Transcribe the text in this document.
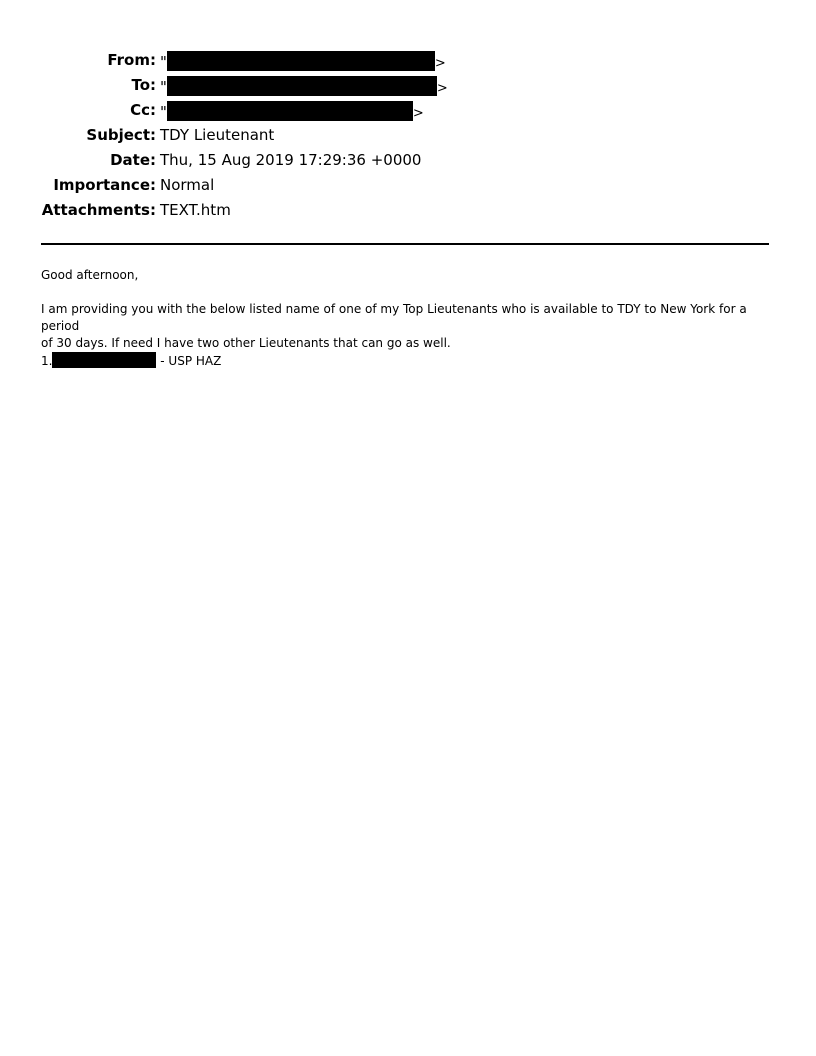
From: "	>
To: "	>
Cc: "	>
Subject: TDY Lieutenant
Date: Thu, 15 Aug 2019 17:29:36 +0000
Importance: Normal
Attachments: TEXT.htm
Good afternoon,
I am providing you with the below listed name of one of my Top Lieutenants who is available to TDY to New York for a period
of 30 days. If need I have two other Lieutenants that can go as well.
1.	- USP HAZ
